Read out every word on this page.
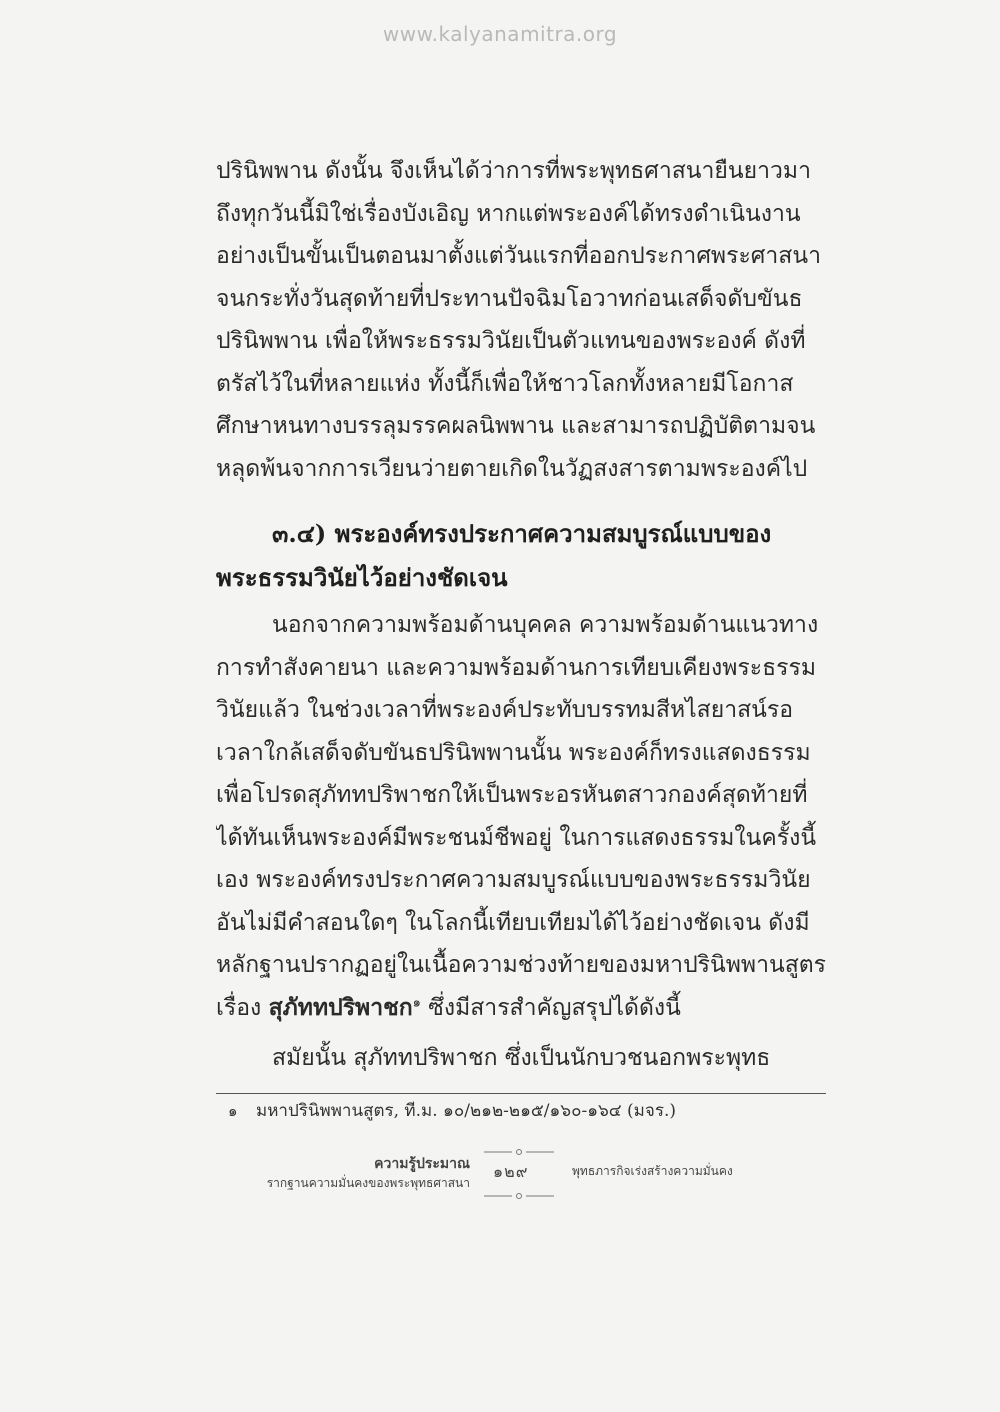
www.kalyanamitra.org
ปรินิพพาน ดังนั้น จึงเห็นได้ว่าการที่พระพุทธศาสนายืนยาวมา
ถึงทุกวันนี้มิใช่เรื่องบังเอิญ หากแต่พระองค์ได้ทรงดำเนินงาน
อย่างเป็นขั้นเป็นตอนมาตั้งแต่วันแรกที่ออกประกาศพระศาสนา
จนกระทั่งวันสุดท้ายที่ประทานปัจฉิมโอวาทก่อนเสด็จดับขันธ
ปรินิพพาน เพื่อให้พระธรรมวินัยเป็นตัวแทนของพระองค์ ดังที่
ตรัสไว้ในที่หลายแห่ง ทั้งนี้ก็เพื่อให้ชาวโลกทั้งหลายมีโอกาส
ศึกษาหนทางบรรลุมรรคผลนิพพาน และสามารถปฏิบัติตามจน
หลุดพ้นจากการเวียนว่ายตายเกิดในวัฏสงสารตามพระองค์ไป
๓.๔) พระองค์ทรงประกาศความสมบูรณ์แบบของ
พระธรรมวินัยไว้อย่างชัดเจน
นอกจากความพร้อมด้านบุคคล ความพร้อมด้านแนวทาง
การทำสังคายนา และความพร้อมด้านการเทียบเคียงพระธรรม
วินัยแล้ว ในช่วงเวลาที่พระองค์ประทับบรรทมสีหไสยาสน์รอ
เวลาใกล้เสด็จดับขันธปรินิพพานนั้น พระองค์ก็ทรงแสดงธรรม
เพื่อโปรดสุภัททปริพาชกให้เป็นพระอรหันตสาวกองค์สุดท้ายที่
ได้ทันเห็นพระองค์มีพระชนม์ชีพอยู่ ในการแสดงธรรมในครั้งนี้
เอง พระองค์ทรงประกาศความสมบูรณ์แบบของพระธรรมวินัย
อันไม่มีคำสอนใดๆ ในโลกนี้เทียบเทียมได้ไว้อย่างชัดเจน ดังมี
หลักฐานปรากฏอยู่ในเนื้อความช่วงท้ายของมหาปรินิพพานสูตร
เรื่อง สุภัททปริพาชก$^๑$ ซึ่งมีสารสำคัญสรุปได้ดังนี้
สมัยนั้น สุภัททปริพาชก ซึ่งเป็นนักบวชนอกพระพุทธ
๑ มหาปรินิพพานสูตร, ที.ม. ๑๐/๒๑๒-๒๑๕/๑๖๐-๑๖๔ (มจร.)
ความรู้ประมาณ
รากฐานความมั่นคงของพระพุทธศาสนา
๑๒๙	พุทธภารกิจเร่งสร้างความมั่นคง
